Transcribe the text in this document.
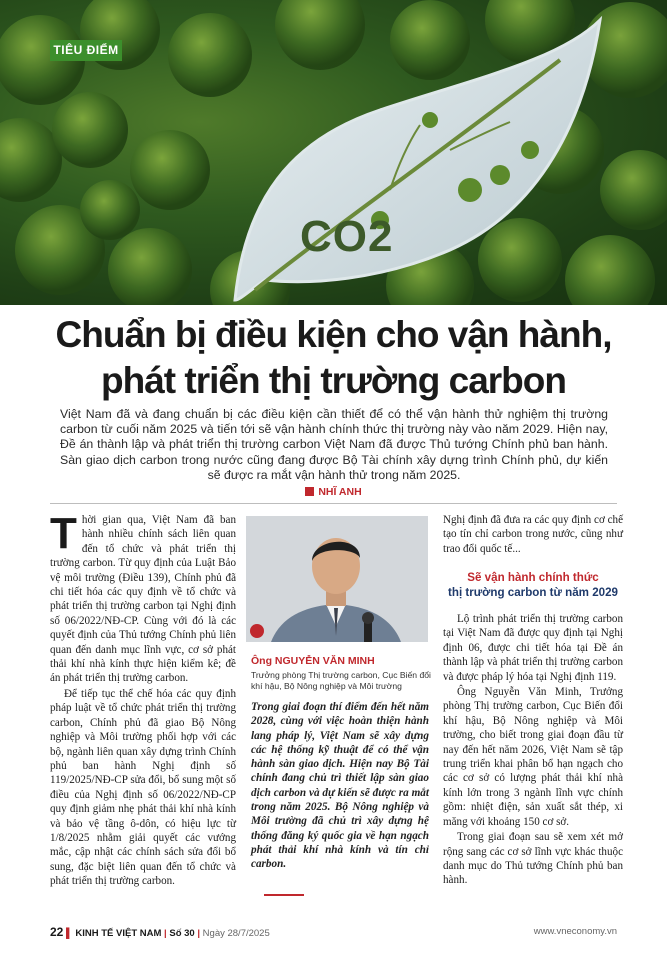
CO2
TIÊU ĐIỂM
Chuẩn bị điều kiện cho vận hành,
phát triển thị trường carbon
Việt Nam đã và đang chuẩn bị các điều kiện cần thiết để có thể vận hành thử nghiệm thị trường carbon từ cuối năm 2025 và tiến tới sẽ vận hành chính thức thị trường này vào năm 2029. Hiện nay, Đề án thành lập và phát triển thị trường carbon Việt Nam đã được Thủ tướng Chính phủ ban hành. Sàn giao dịch carbon trong nước cũng đang được Bộ Tài chính xây dựng trình Chính phủ, dự kiến sẽ được ra mắt vận hành thử trong năm 2025.
NHĨ ANH

Thời gian qua, Việt Nam đã ban hành nhiều chính sách liên quan đến tổ chức và phát triển thị trường carbon. Từ quy định của Luật Bảo vệ môi trường (Điều 139), Chính phủ đã chi tiết hóa các quy định về tổ chức và phát triển thị trường carbon tại Nghị định số 06/2022/NĐ-CP. Cùng với đó là các quyết định của Thủ tướng Chính phủ liên quan đến danh mục lĩnh vực, cơ sở phát thải khí nhà kính thực hiện kiểm kê; đề án phát triển thị trường carbon.

Để tiếp tục thể chế hóa các quy định pháp luật về tổ chức phát triển thị trường carbon, Chính phủ đã giao Bộ Nông nghiệp và Môi trường phối hợp với các bộ, ngành liên quan xây dựng trình Chính phủ ban hành Nghị định số 119/2025/NĐ-CP sửa đổi, bổ sung một số điều của Nghị định số 06/2022/NĐ-CP quy định giảm nhẹ phát thải khí nhà kính và bảo vệ tầng ô-dôn, có hiệu lực từ 1/8/2025 nhằm giải quyết các vướng mắc, cập nhật các chính sách sửa đổi bổ sung, đặc biệt liên quan đến tổ chức và phát triển thị trường carbon.

Ông NGUYỄN VĂN MINH
Trưởng phòng Thị trường carbon, Cục Biến đổi khí hậu, Bộ Nông nghiệp và Môi trường
Trong giai đoạn thí điểm đến hết năm 2028, cùng với việc hoàn thiện hành lang pháp lý, Việt Nam sẽ xây dựng các hệ thống kỹ thuật để có thể vận hành sàn giao dịch. Hiện nay Bộ Tài chính đang chủ trì thiết lập sàn giao dịch carbon và dự kiến sẽ được ra mắt trong năm 2025. Bộ Nông nghiệp và Môi trường đã chủ trì xây dựng hệ thống đăng ký quốc gia về hạn ngạch phát thải khí nhà kính và tín chỉ carbon.

Nghị định đã đưa ra các quy định cơ chế tạo tín chỉ carbon trong nước, cũng như trao đổi quốc tế...

Sẽ vận hành chính thức
thị trường carbon từ năm 2029

Lộ trình phát triển thị trường carbon tại Việt Nam đã được quy định tại Nghị định 06, được chi tiết hóa tại Đề án thành lập và phát triển thị trường carbon và được pháp lý hóa tại Nghị định 119.

Ông Nguyễn Văn Minh, Trưởng phòng Thị trường carbon, Cục Biến đổi khí hậu, Bộ Nông nghiệp và Môi trường, cho biết trong giai đoạn đầu từ nay đến hết năm 2026, Việt Nam sẽ tập trung triển khai phân bổ hạn ngạch cho các cơ sở có lượng phát thải khí nhà kính lớn trong 3 ngành lĩnh vực chính gồm: nhiệt điện, sản xuất sắt thép, xi măng với khoảng 150 cơ sở.

Trong giai đoạn sau sẽ xem xét mở rộng sang các cơ sở lĩnh vực khác thuộc danh mục do Thủ tướng Chính phủ ban hành.

22 ▌ KINH TẾ VIỆT NAM | Số 30 | Ngày 28/7/2025	www.vneconomy.vn
